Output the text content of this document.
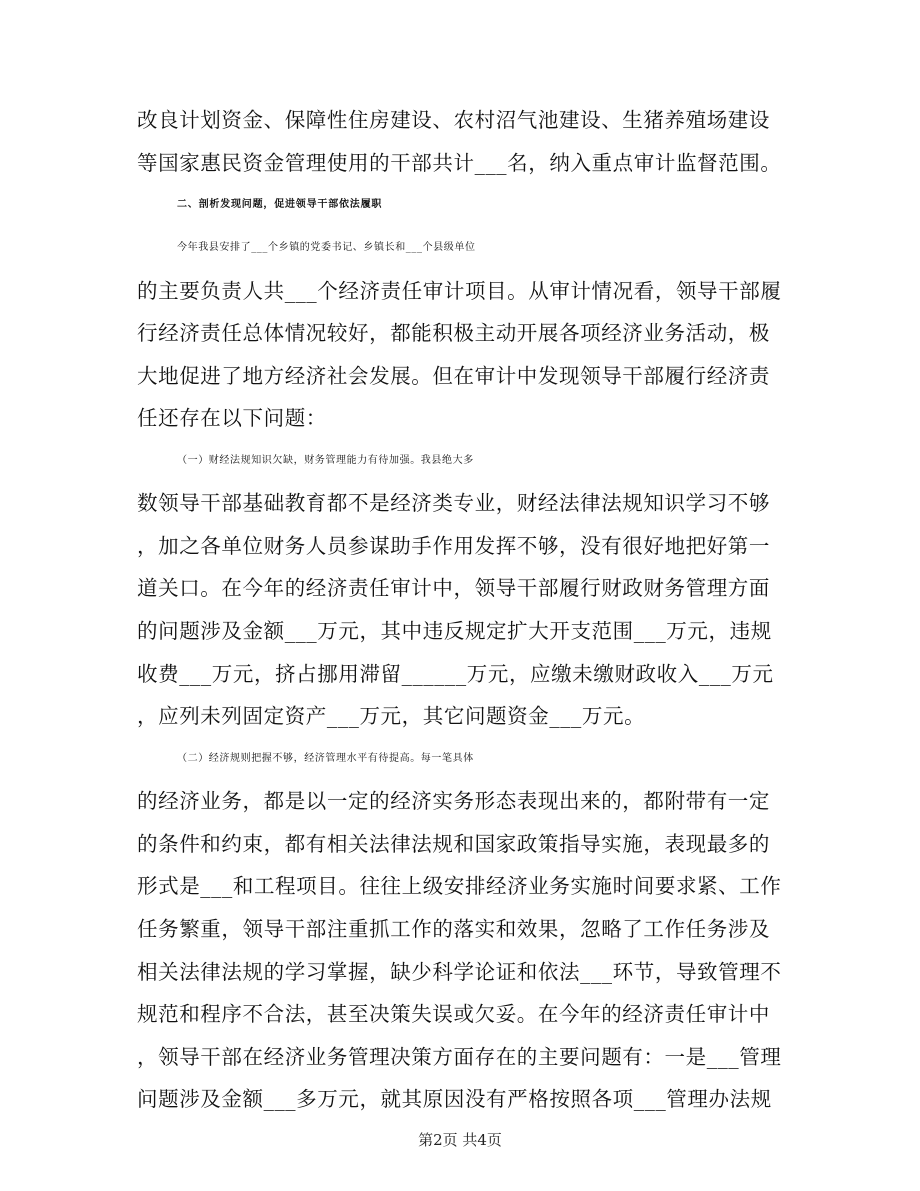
改良计划资金、保障性住房建设、农村沼气池建设、生猪养殖场建设
等国家惠民资金管理使用的干部共计___名，纳入重点审计监督范围。
二、剖析发现问题，促进领导干部依法履职
今年我县安排了___个乡镇的党委书记、乡镇长和___个县级单位
的主要负责人共___个经济责任审计项目。从审计情况看，领导干部履
行经济责任总体情况较好，都能积极主动开展各项经济业务活动，极
大地促进了地方经济社会发展。但在审计中发现领导干部履行经济责
任还存在以下问题：
（一）财经法规知识欠缺，财务管理能力有待加强。我县绝大多
数领导干部基础教育都不是经济类专业，财经法律法规知识学习不够
，加之各单位财务人员参谋助手作用发挥不够，没有很好地把好第一
道关口。在今年的经济责任审计中，领导干部履行财政财务管理方面
的问题涉及金额___万元，其中违反规定扩大开支范围___万元，违规
收费___万元，挤占挪用滞留______万元，应缴未缴财政收入___万元
，应列未列固定资产___万元，其它问题资金___万元。
（二）经济规则把握不够，经济管理水平有待提高。每一笔具体
的经济业务，都是以一定的经济实务形态表现出来的，都附带有一定
的条件和约束，都有相关法律法规和国家政策指导实施，表现最多的
形式是___和工程项目。往往上级安排经济业务实施时间要求紧、工作
任务繁重，领导干部注重抓工作的落实和效果，忽略了工作任务涉及
相关法律法规的学习掌握，缺少科学论证和依法___环节，导致管理不
规范和程序不合法，甚至决策失误或欠妥。在今年的经济责任审计中
，领导干部在经济业务管理决策方面存在的主要问题有：一是___管理
问题涉及金额___多万元，就其原因没有严格按照各项___管理办法规
第2页 共4页
